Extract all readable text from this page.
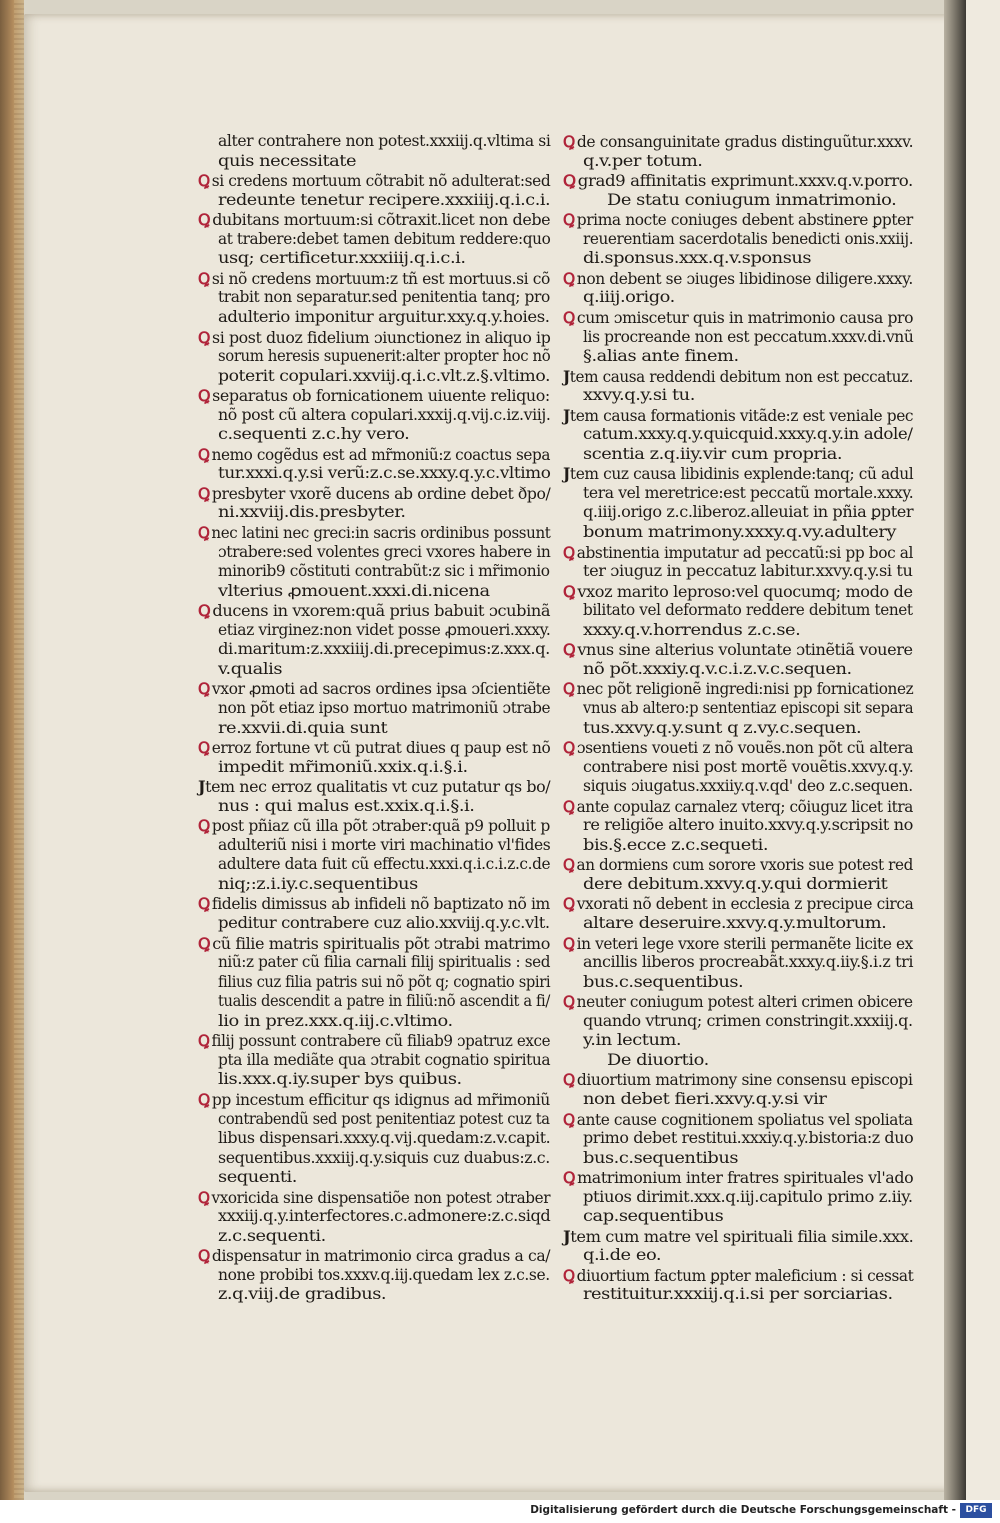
alter contrahere non potest.xxxiij.q.vltima si
quis necessitate
Ꝗ si credens mortuum cõtrabit nõ adulterat:sed
redeunte tenetur recipere.xxxiiij.q.i.c.i.
Ꝗ dubitans mortuum:si cõtraxit.licet non debe
at trabere:debet tamen debitum reddere:quo
usq; certificetur.xxxiiij.q.i.c.i.
Ꝗ si nõ credens mortuum:z tñ est mortuus.si cõ
trabit non separatur.sed penitentia tanq; pro
adulterio imponitur arguitur.xxy.q.y.hoies.
Ꝗ si post duoz fidelium ɔiunctionez in aliquo ip
sorum heresis supuenerit:alter propter hoc nõ
poterit copulari.xxviij.q.i.c.vlt.z.§.vltimo.
Ꝗ separatus ob fornicationem uiuente reliquo:
nõ post cũ altera copulari.xxxij.q.vij.c.iz.viij.
c.sequenti z.c.hy vero.
Ꝗ nemo cogẽdus est ad mr̃moniũ:z coactus sepa
tur.xxxi.q.y.si verũ:z.c.se.xxxy.q.y.c.vltimo
Ꝗ presbyter vxorẽ ducens ab ordine debet ðpo/
ni.xxviij.dis.presbyter.
Ꝗ nec latini nec greci:in sacris ordinibus possunt
ɔtrabere:sed volentes greci vxores habere in
minorib9 cõstituti contrabũt:z sic i mr̃imonio
vlterius ꝓmouent.xxxi.di.nicena
Ꝗ ducens in vxorem:quã prius babuit ɔcubinã
etiaz virginez:non videt posse ꝓmoueri.xxxy.
di.maritum:z.xxxiiij.di.precepimus:z.xxx.q.
v.qualis
Ꝗ vxor ꝓmoti ad sacros ordines ipsa ɔſcientiẽte
non põt etiaz ipso mortuo matrimoniũ ɔtrabe
re.xxvii.di.quia sunt
Ꝗ erroz fortune vt cũ putrat diues q paup est nõ
impedit mr̃imoniũ.xxix.q.i.§.i.
Jtem nec erroz qualitatis vt cuz putatur qs bo/
nus : qui malus est.xxix.q.i.§.i.
Ꝗ post pñiaz cũ illa põt ɔtraber:quã p9 polluit p
adulteriũ nisi i morte viri machinatio vl'fides
adultere data fuit cũ effectu.xxxi.q.i.c.i.z.c.de
niq;:z.i.iy.c.sequentibus
Ꝗ fidelis dimissus ab infideli nõ baptizato nõ im
peditur contrabere cuz alio.xxviij.q.y.c.vlt.
Ꝗ cũ filie matris spiritualis põt ɔtrabi matrimo
niũ:z pater cũ filia carnali filij spiritualis : sed
filius cuz filia patris sui nõ põt q; cognatio spiri
tualis descendit a patre in filiũ:nõ ascendit a fi/
lio in prez.xxx.q.iij.c.vltimo.
Ꝗ filij possunt contrabere cũ filiab9 ɔpatruz exce
pta illa mediãte qua ɔtrabit cognatio spiritua
lis.xxx.q.iy.super bys quibus.
Ꝗ pp incestum efficitur qs idignus ad mr̃imoniũ
contrabendũ sed post penitentiaz potest cuz ta
libus dispensari.xxxy.q.vij.quedam:z.v.capit.
sequentibus.xxxiij.q.y.siquis cuz duabus:z.c.
sequenti.
Ꝗ vxoricida sine dispensatiõe non potest ɔtraber
xxxiij.q.y.interfectores.c.admonere:z.c.siqd
z.c.sequenti.
Ꝗ dispensatur in matrimonio circa gradus a ca/
none probibi tos.xxxv.q.iij.quedam lex z.c.se.
z.q.viij.de gradibus.
Ꝗ de consanguinitate gradus distinguũtur.xxxv.
q.v.per totum.
Ꝗ grad9 affinitatis exprimunt.xxxv.q.v.porro.
De statu coniugum inmatrimonio.
Ꝗ prima nocte coniuges debent abstinere ꝑpter
reuerentiam sacerdotalis benedicti onis.xxiij.
di.sponsus.xxx.q.v.sponsus
Ꝗ non debent se ɔiuges libidinose diligere.xxxy.
q.iiij.origo.
Ꝗ cum ɔmiscetur quis in matrimonio causa pro
lis procreande non est peccatum.xxxv.di.vnũ
§.alias ante finem.
Jtem causa reddendi debitum non est peccatuz.
xxvy.q.y.si tu.
Jtem causa formationis vitãde:z est veniale pec
catum.xxxy.q.y.quicquid.xxxy.q.y.in adole/
scentia z.q.iiy.vir cum propria.
Jtem cuz causa libidinis explende:tanq; cũ adul
tera vel meretrice:est peccatũ mortale.xxxy.
q.iiij.origo z.c.liberoz.alleuiat in pñia ꝑpter
bonum matrimony.xxxy.q.vy.adultery
Ꝗ abstinentia imputatur ad peccatũ:si pp boc al
ter ɔiuguz in peccatuz labitur.xxvy.q.y.si tu
Ꝗ vxoz marito leproso:vel quocumq; modo de
bilitato vel deformato reddere debitum tenet
xxxy.q.v.horrendus z.c.se.
Ꝗ vnus sine alterius voluntate ɔtinẽtiã vouere
nõ põt.xxxiy.q.v.c.i.z.v.c.sequen.
Ꝗ nec põt religionẽ ingredi:nisi pp fornicationez
vnus ab altero:p sententiaz episcopi sit separa
tus.xxvy.q.y.sunt q z.vy.c.sequen.
Ꝗ ɔsentiens voueti z nõ vouẽs.non põt cũ altera
contrabere nisi post mortẽ vouẽtis.xxvy.q.y.
siquis ɔiugatus.xxxiiy.q.v.qd' deo z.c.sequen.
Ꝗ ante copulaz carnalez vterq; cõiuguz licet itra
re religiõe altero inuito.xxvy.q.y.scripsit no
bis.§.ecce z.c.sequeti.
Ꝗ an dormiens cum sorore vxoris sue potest red
dere debitum.xxvy.q.y.qui dormierit
Ꝗ vxorati nõ debent in ecclesia z precipue circa
altare deseruire.xxvy.q.y.multorum.
Ꝗ in veteri lege vxore sterili permanẽte licite ex
ancillis liberos procreabãt.xxxy.q.iiy.§.i.z tri
bus.c.sequentibus.
Ꝗ neuter coniugum potest alteri crimen obicere
quando vtrunq; crimen constringit.xxxiij.q.
y.in lectum.
De diuortio.
Ꝗ diuortium matrimony sine consensu episcopi
non debet fieri.xxvy.q.y.si vir
Ꝗ ante cause cognitionem spoliatus vel spoliata
primo debet restitui.xxxiy.q.y.bistoria:z duo
bus.c.sequentibus
Ꝗ matrimonium inter fratres spirituales vl'ado
ptiuos dirimit.xxx.q.iij.capitulo primo z.iiy.
cap.sequentibus
Jtem cum matre vel spirituali filia simile.xxx.
q.i.de eo.
Ꝗ diuortium factum ꝑpter maleficium : si cessat
restituitur.xxxiij.q.i.si per sorciarias.
Digitalisierung gefördert durch die Deutsche Forschungsgemeinschaft -	DFG
